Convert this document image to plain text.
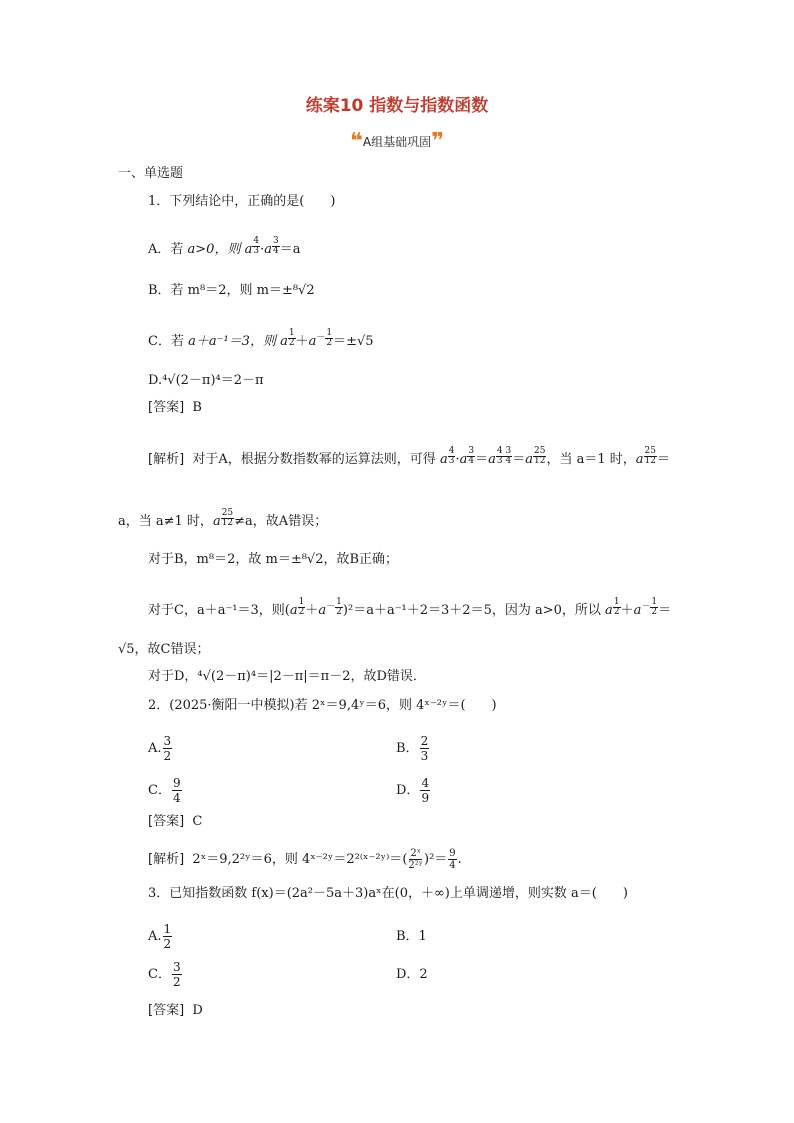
练案10 指数与指数函数
❝A组基础巩固❞
一、单选题
1．下列结论中，正确的是(　　)
A．若 a>0，则 a $\frac{4}{3} \cdot a \frac{3}{4} =a$
B．若 m⁸＝2，则 m＝±⁸√2
C．若 a＋a⁻¹＝3，则 a $\frac{1}{2} +a^- \frac{1}{2} =\pm√5$
D.⁴√(2－π)⁴＝2－π
[答案] B
[解析] 对于A，根据分数指数幂的运算法则，可得 a $\frac{4}{3} \cdot a \frac{3}{4} =a \frac{4 3}{3 4} =a \frac{25}{12}$ ，当 a＝1 时，a $\frac{25}{12}$ ＝
a，当 a≠1 时，a $\frac{25}{12} \ne a$，故A错误；
对于B，m⁸＝2，故 m＝±⁸√2，故B正确；
对于C，a＋a⁻¹＝3，则$(a \frac{1}{2} +a^- \frac{1}{2} )^2=a+a^{-1}+2=3+2=5$，因为 a>0，所以 a $\frac{1}{2} +a^- \frac{1}{2}$ ＝
√5，故C错误；
对于D，⁴√(2－π)⁴＝|2－π|＝π－2，故D错误．
2．(2025·衡阳一中模拟)若 2ˣ＝9,4ʸ＝6，则 4ˣ⁻²ʸ＝(　　)
A. $\frac{3}{2}$	B． $\frac{2}{3}$
C． $\frac{9}{4}$	D． $\frac{4}{9}$
[答案] C
[解析] 2ˣ＝9,2²ʸ＝6，则 4ˣ⁻²ʸ＝2²⁽ˣ⁻²ʸ⁾＝( $\frac{\text{2ˣ}}{\text{2²ʸ}} )^2= \frac{9}{4}$ .
3．已知指数函数 f(x)＝(2a²－5a＋3)aˣ在(0，＋∞)上单调递增，则实数 a＝(　　)
A. $\frac{1}{2}$	B．1
C． $\frac{3}{2}$	D．2
[答案] D
